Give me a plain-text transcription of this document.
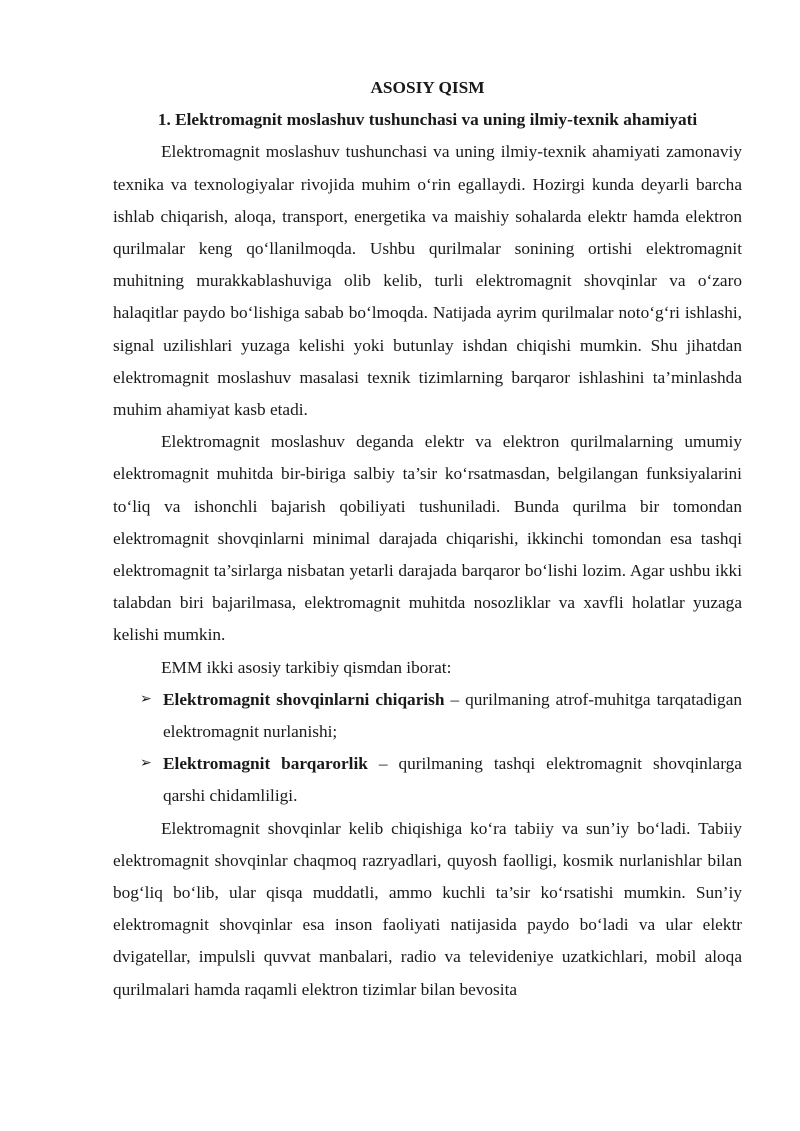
ASOSIY QISM
1. Elektromagnit moslashuv tushunchasi va uning ilmiy-texnik ahamiyati

Elektromagnit moslashuv tushunchasi va uning ilmiy-texnik ahamiyati zamonaviy texnika va texnologiyalar rivojida muhim o‘rin egallaydi. Hozirgi kunda deyarli barcha ishlab chiqarish, aloqa, transport, energetika va maishiy sohalarda elektr hamda elektron qurilmalar keng qo‘llanilmoqda. Ushbu qurilmalar sonining ortishi elektromagnit muhitning murakkablashuviga olib kelib, turli elektromagnit shovqinlar va o‘zaro halaqitlar paydo bo‘lishiga sabab bo‘lmoqda. Natijada ayrim qurilmalar noto‘g‘ri ishlashi, signal uzilishlari yuzaga kelishi yoki butunlay ishdan chiqishi mumkin. Shu jihatdan elektromagnit moslashuv masalasi texnik tizimlarning barqaror ishlashini ta’minlashda muhim ahamiyat kasb etadi.

Elektromagnit moslashuv deganda elektr va elektron qurilmalarning umumiy elektromagnit muhitda bir-biriga salbiy ta’sir ko‘rsatmasdan, belgilangan funksiyalarini to‘liq va ishonchli bajarish qobiliyati tushuniladi. Bunda qurilma bir tomondan elektromagnit shovqinlarni minimal darajada chiqarishi, ikkinchi tomondan esa tashqi elektromagnit ta’sirlarga nisbatan yetarli darajada barqaror bo‘lishi lozim. Agar ushbu ikki talabdan biri bajarilmasa, elektromagnit muhitda nosozliklar va xavfli holatlar yuzaga kelishi mumkin.

EMM ikki asosiy tarkibiy qismdan iborat:

➢ Elektromagnit shovqinlarni chiqarish – qurilmaning atrof-muhitga tarqatadigan elektromagnit nurlanishi;
➢ Elektromagnit barqarorlik – qurilmaning tashqi elektromagnit shovqinlarga qarshi chidamliligi.

Elektromagnit shovqinlar kelib chiqishiga ko‘ra tabiiy va sun’iy bo‘ladi. Tabiiy elektromagnit shovqinlar chaqmoq razryadlari, quyosh faolligi, kosmik nurlanishlar bilan bog‘liq bo‘lib, ular qisqa muddatli, ammo kuchli ta’sir ko‘rsatishi mumkin. Sun’iy elektromagnit shovqinlar esa inson faoliyati natijasida paydo bo‘ladi va ular elektr dvigatellar, impulsli quvvat manbalari, radio va televideniye uzatkichlari, mobil aloqa qurilmalari hamda raqamli elektron tizimlar bilan bevosita
